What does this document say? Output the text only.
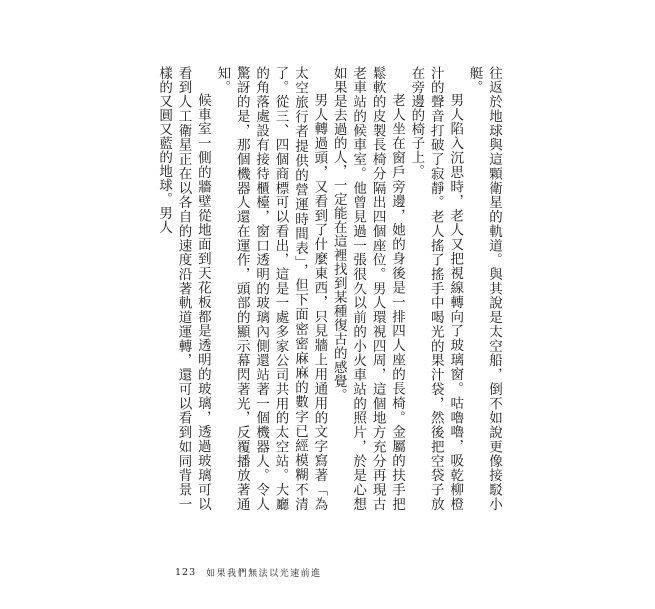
往返於地球與這顆衛星的軌道。與其說是太空船，倒不如說更像接駁小艇。

男人陷入沉思時，老人又把視線轉向了玻璃窗。咕嚕嚕，吸乾柳橙汁的聲音打破了寂靜。老人搖了搖手中喝光的果汁袋，然後把空袋子放在旁邊的椅子上。

老人坐在窗戶旁邊，她的身後是一排四人座的長椅。金屬的扶手把鬆軟的皮製長椅分隔出四個座位。男人環視四周，這個地方充分再現古老車站的候車室。他曾見過一張很久以前的小火車站的照片，於是心想如果是去過的人，一定能在這裡找到某種復古的感覺。

男人轉過頭，又看到了什麼東西，只見牆上用通用的文字寫著「為太空旅行者提供的營運時間表」，但下面密密麻麻的數字已經模糊不清了。從三、四個商標可以看出，這是一處多家公司共用的太空站。大廳的角落處設有接待櫃檯，窗口透明的玻璃內側還站著一個機器人。令人驚訝的是，那個機器人還在運作，頭部的顯示幕閃著光，反覆播放著通知。

候車室一側的牆壁從地面到天花板都是透明的玻璃，透過玻璃可以看到人工衛星正在以各自的速度沿著軌道運轉，還可以看到如同背景一樣的又圓又藍的地球。男人

123 如果我們無法以光速前進
